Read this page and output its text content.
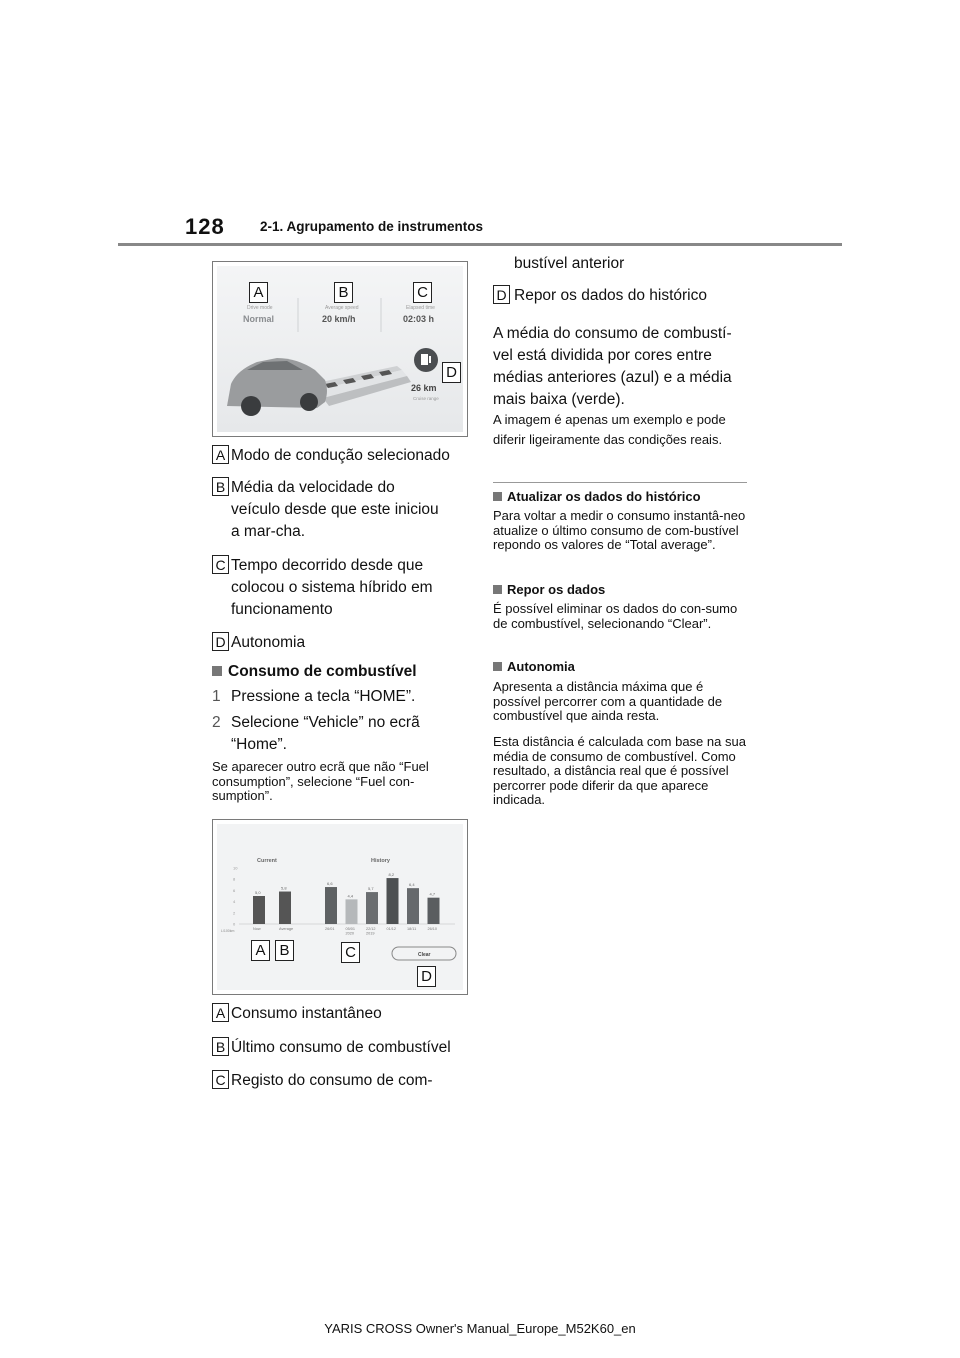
128	2-1. Agrupamento de instrumentos
Drive mode
Normal
Average speed
20 km/h
Elapsed time
02:03 h
26 km
Cruise range
A	B	C
D
A Modo de condução selecionado
B Média da velocidade do veículo desde que este iniciou a mar-cha.
C Tempo decorrido desde que colocou o sistema híbrido em funcionamento
D Autonomia
Consumo de combustível
1 Pressione a tecla “HOME”.
2 Selecione “Vehicle” no ecrã “Home”.
Se aparecer outro ecrã que não “Fuel consumption”, selecione “Fuel con-sumption”.
Current	History
L/100km
0
2
4
6
8
10
5,0
Now
5,8
Average
6,6
26/01
4,4
05/01
2020
5,7
22/12
2019
8,2
01/12
6,4
18/11
4,7
26/10
Clear
A B	C
D
A Consumo instantâneo
B Último consumo de combustível
C Registo do consumo de com-
bustível anterior
D Repor os dados do histórico
A média do consumo de combustí-vel está dividida por cores entre médias anteriores (azul) e a média mais baixa (verde).
A imagem é apenas um exemplo e pode diferir ligeiramente das condições reais.
Atualizar os dados do histórico
Para voltar a medir o consumo instantâ-neo atualize o último consumo de com-bustível repondo os valores de “Total average”.
Repor os dados
É possível eliminar os dados do con-sumo de combustível, selecionando “Clear”.
Autonomia
Apresenta a distância máxima que é possível percorrer com a quantidade de combustível que ainda resta.
Esta distância é calculada com base na sua média de consumo de combustível. Como resultado, a distância real que é possível percorrer pode diferir da que aparece indicada.
YARIS CROSS Owner's Manual_Europe_M52K60_en
